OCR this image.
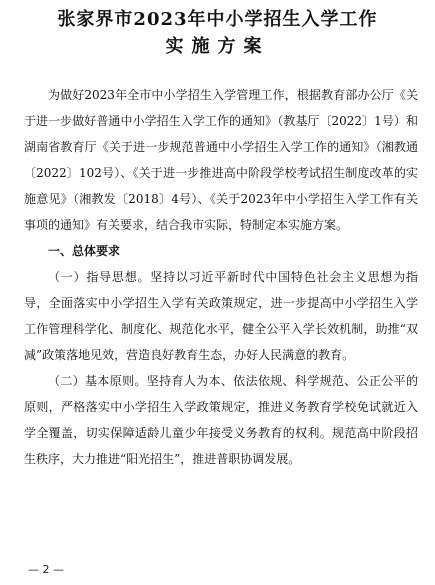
张家界市2023年中小学招生入学工作
实施方案

为做好2023年全市中小学招生入学管理工作，根据教育部办公厅《关于进一步做好普通中小学招生入学工作的通知》（教基厅〔2022〕1号）和湖南省教育厅《关于进一步规范普通中小学招生入学工作的通知》（湘教通〔2022〕102号）、《关于进一步推进高中阶段学校考试招生制度改革的实施意见》（湘教发〔2018〕4号）、《关于2023年中小学招生入学工作有关事项的通知》有关要求，结合我市实际，特制定本实施方案。

一、总体要求

（一）指导思想。坚持以习近平新时代中国特色社会主义思想为指导，全面落实中小学招生入学有关政策规定，进一步提高中小学招生入学工作管理科学化、制度化、规范化水平，健全公平入学长效机制，助推“双减”政策落地见效，营造良好教育生态，办好人民满意的教育。

（二）基本原则。坚持育人为本、依法依规、科学规范、公正公平的原则，严格落实中小学招生入学政策规定，推进义务教育学校免试就近入学全覆盖，切实保障适龄儿童少年接受义务教育的权利。规范高中阶段招生秩序，大力推进“阳光招生”，推进普职协调发展。

— 2 —
